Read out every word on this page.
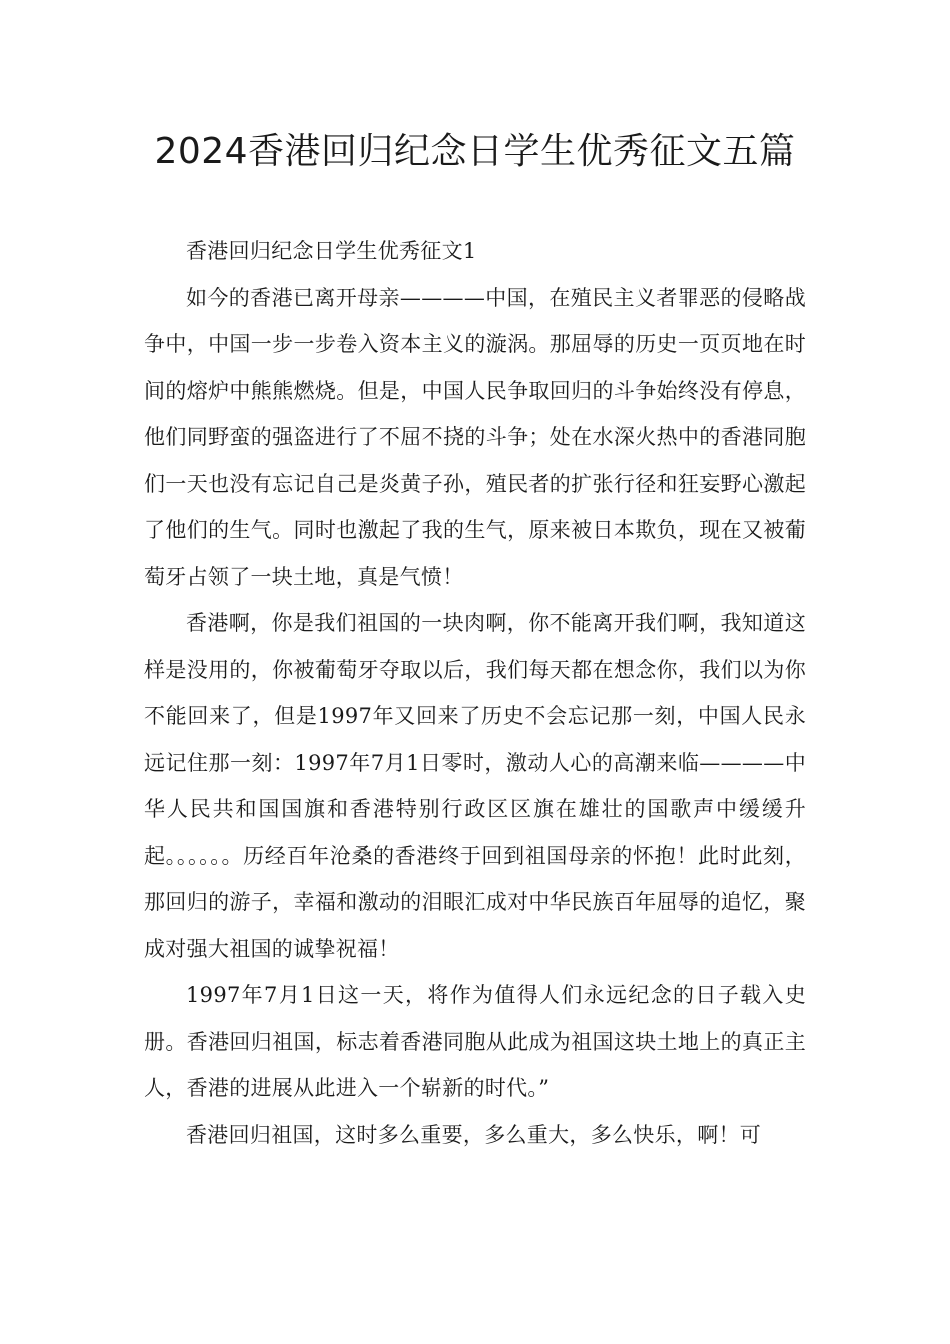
2024香港回归纪念日学生优秀征文五篇

香港回归纪念日学生优秀征文1

如今的香港已离开母亲————中国，在殖民主义者罪恶的侵略战争中，中国一步一步卷入资本主义的漩涡。那屈辱的历史一页页地在时间的熔炉中熊熊燃烧。但是，中国人民争取回归的斗争始终没有停息，他们同野蛮的强盗进行了不屈不挠的斗争；处在水深火热中的香港同胞们一天也没有忘记自己是炎黄子孙，殖民者的扩张行径和狂妄野心激起了他们的生气。同时也激起了我的生气，原来被日本欺负，现在又被葡萄牙占领了一块土地，真是气愤！

香港啊，你是我们祖国的一块肉啊，你不能离开我们啊，我知道这样是没用的，你被葡萄牙夺取以后，我们每天都在想念你，我们以为你不能回来了，但是1997年又回来了历史不会忘记那一刻，中国人民永远记住那一刻：1997年7月1日零时，激动人心的高潮来临————中华人民共和国国旗和香港特别行政区区旗在雄壮的国歌声中缓缓升起。。。。。。历经百年沧桑的香港终于回到祖国母亲的怀抱！此时此刻，那回归的游子，幸福和激动的泪眼汇成对中华民族百年屈辱的追忆，聚成对强大祖国的诚挚祝福！

1997年7月1日这一天，将作为值得人们永远纪念的日子载入史册。香港回归祖国，标志着香港同胞从此成为祖国这块土地上的真正主人，香港的进展从此进入一个崭新的时代。”

香港回归祖国，这时多么重要，多么重大，多么快乐，啊！可
